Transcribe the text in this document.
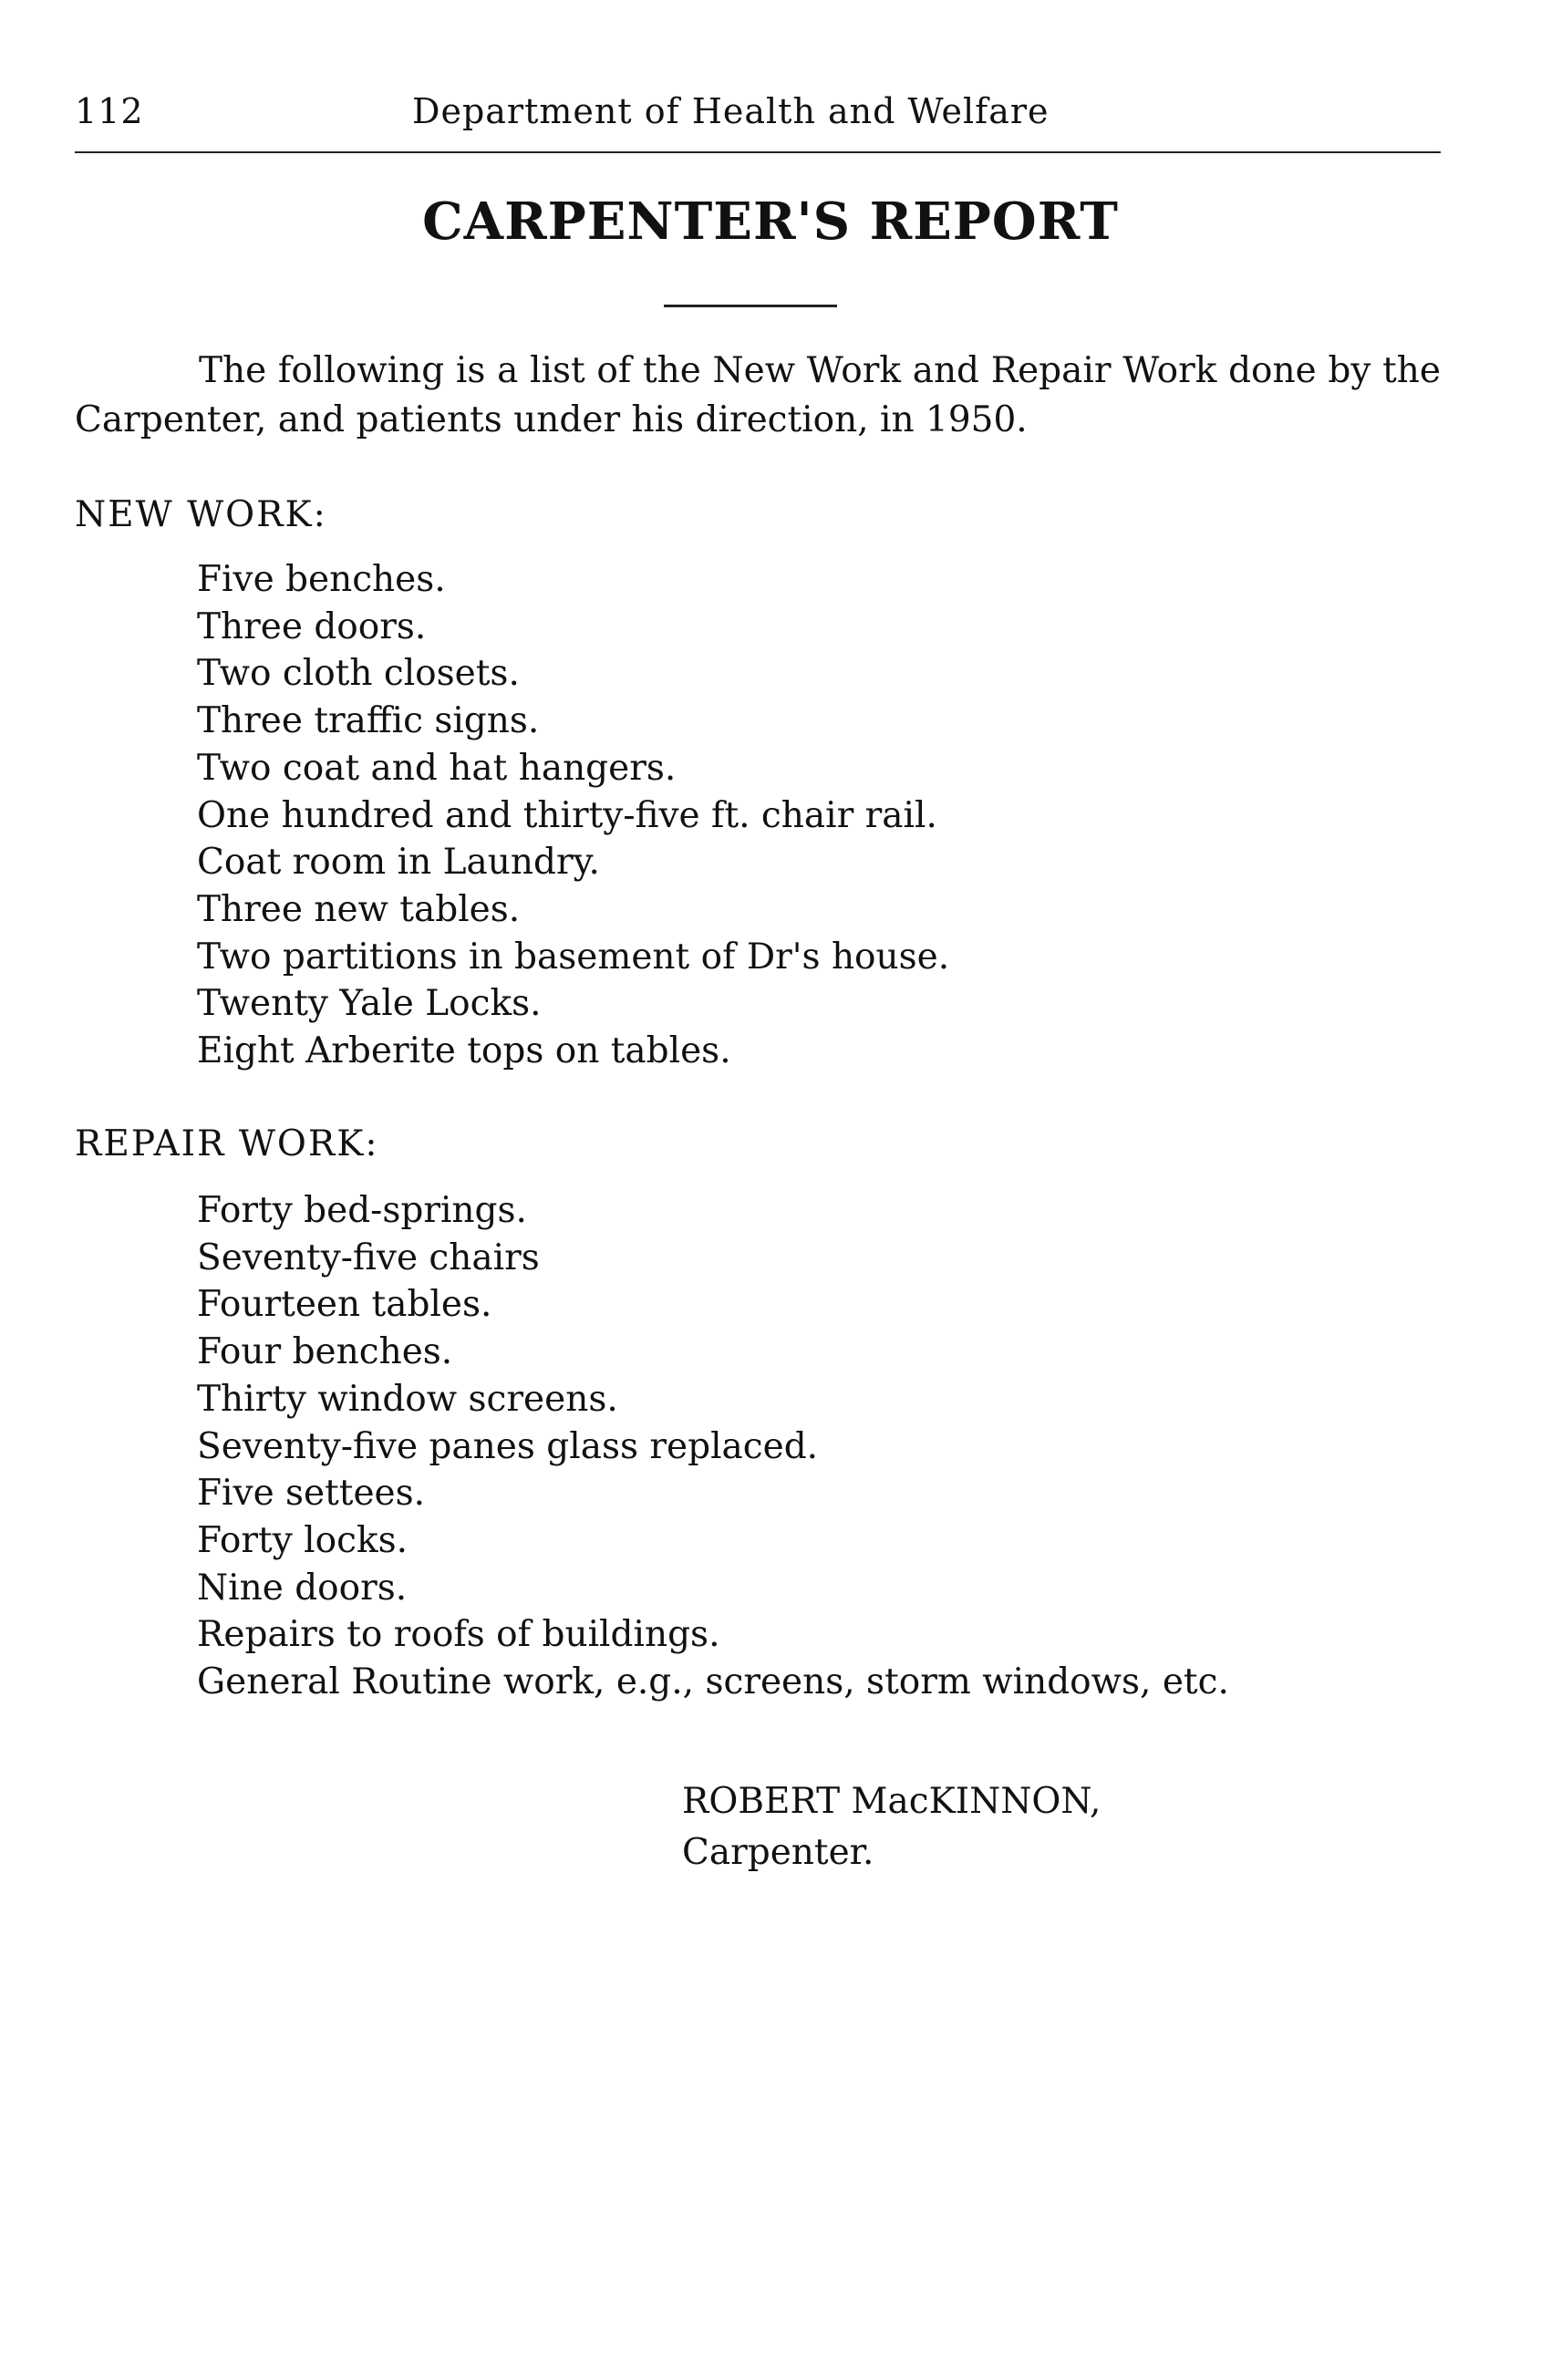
112	Department of Health and Welfare
CARPENTER'S REPORT

The following is a list of the New Work and Repair Work done by the Carpenter, and patients under his direction, in 1950.

NEW WORK:
Five benches.
Three doors.
Two cloth closets.
Three traffic signs.
Two coat and hat hangers.
One hundred and thirty-five ft. chair rail.
Coat room in Laundry.
Three new tables.
Two partitions in basement of Dr's house.
Twenty Yale Locks.
Eight Arberite tops on tables.
REPAIR WORK:
Forty bed-springs.
Seventy-five chairs
Fourteen tables.
Four benches.
Thirty window screens.
Seventy-five panes glass replaced.
Five settees.
Forty locks.
Nine doors.
Repairs to roofs of buildings.
General Routine work, e.g., screens, storm windows, etc.
ROBERT MacKINNON,
Carpenter.
